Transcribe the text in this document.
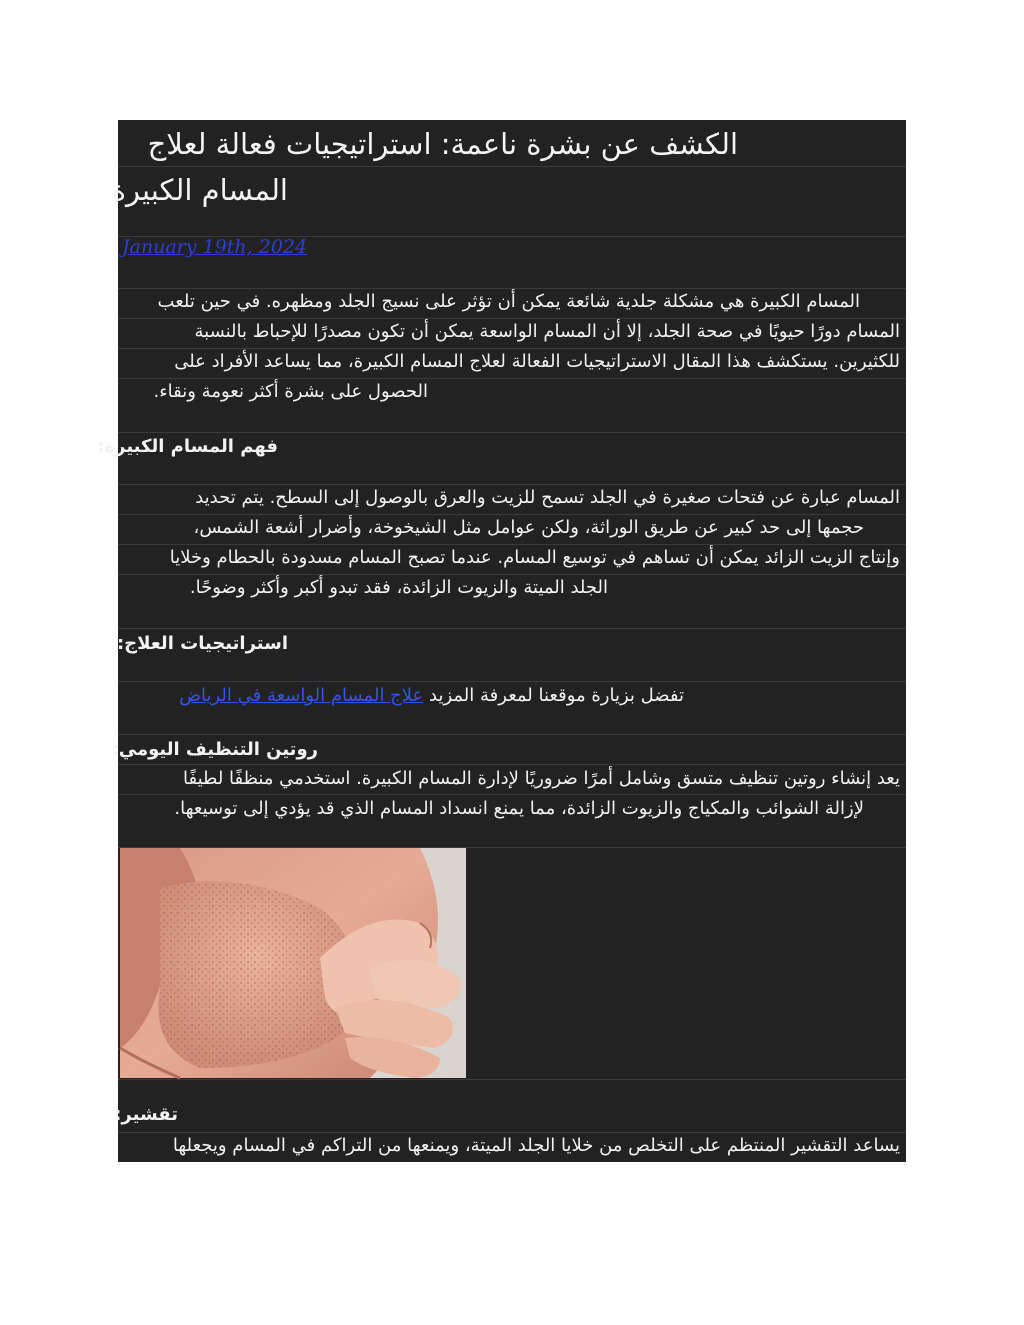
الكشف عن بشرة ناعمة: استراتيجيات فعالة لعلاج
المسام الكبيرة
January 19th, 2024
المسام الكبيرة هي مشكلة جلدية شائعة يمكن أن تؤثر على نسيج الجلد ومظهره. في حين تلعب
المسام دورًا حيويًا في صحة الجلد، إلا أن المسام الواسعة يمكن أن تكون مصدرًا للإحباط بالنسبة
للكثيرين. يستكشف هذا المقال الاستراتيجيات الفعالة لعلاج المسام الكبيرة، مما يساعد الأفراد على
الحصول على بشرة أكثر نعومة ونقاء.
فهم المسام الكبيرة:
المسام عبارة عن فتحات صغيرة في الجلد تسمح للزيت والعرق بالوصول إلى السطح. يتم تحديد
حجمها إلى حد كبير عن طريق الوراثة، ولكن عوامل مثل الشيخوخة، وأضرار أشعة الشمس،
وإنتاج الزيت الزائد يمكن أن تساهم في توسيع المسام. عندما تصبح المسام مسدودة بالحطام وخلايا
الجلد الميتة والزيوت الزائدة، فقد تبدو أكبر وأكثر وضوحًا.
استراتيجيات العلاج:
تفضل بزيارة موقعنا لمعرفة المزيد علاج المسام الواسعة في الرياض
روتين التنظيف اليومي:
يعد إنشاء روتين تنظيف متسق وشامل أمرًا ضروريًا لإدارة المسام الكبيرة. استخدمي منظفًا لطيفًا
لإزالة الشوائب والمكياج والزيوت الزائدة، مما يمنع انسداد المسام الذي قد يؤدي إلى توسيعها.
تقشير:
يساعد التقشير المنتظم على التخلص من خلايا الجلد الميتة، ويمنعها من التراكم في المسام ويجعلها
